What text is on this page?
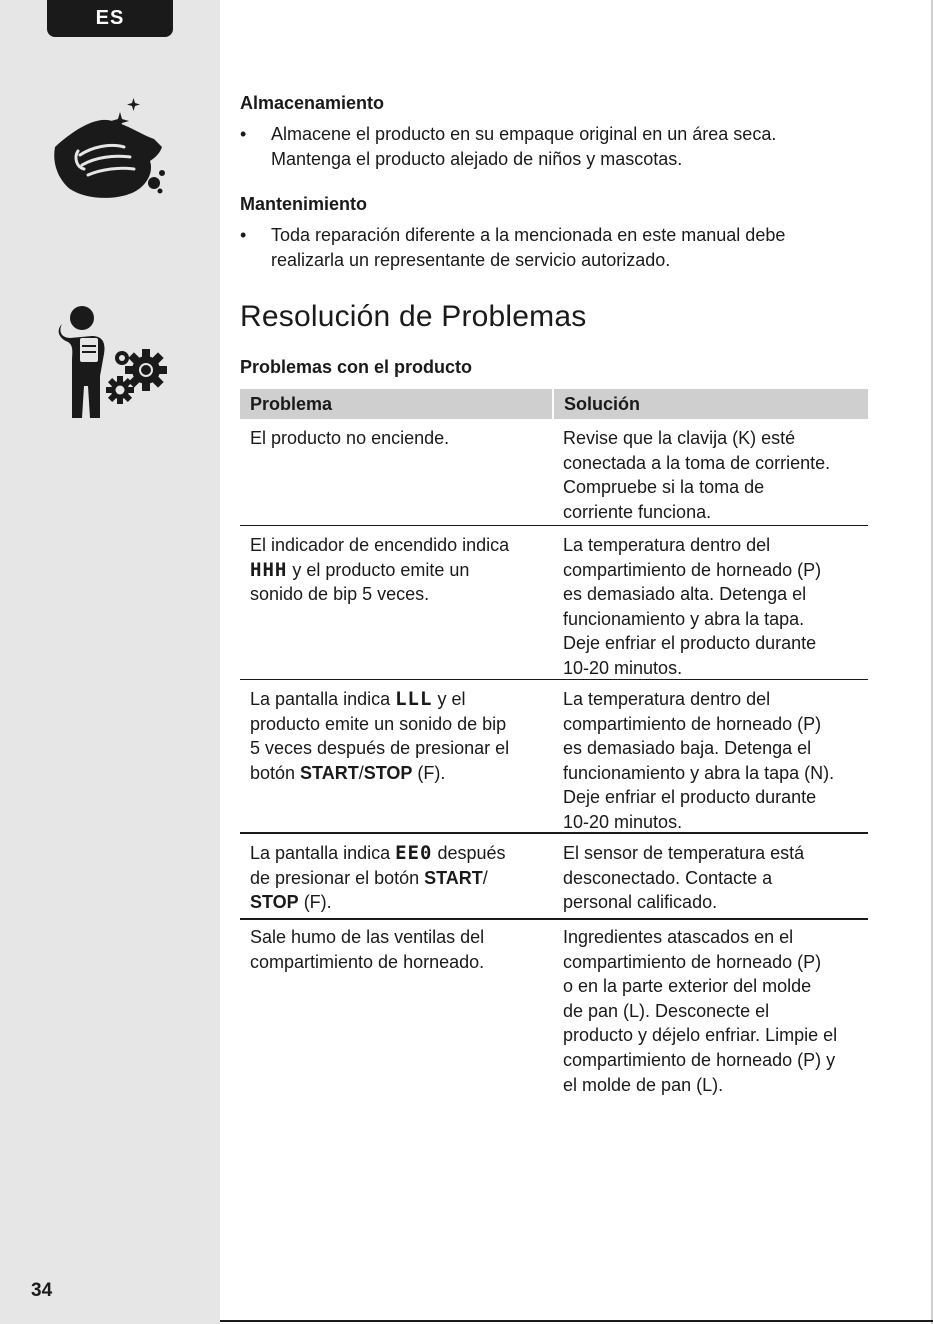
ES
34
Almacenamiento
• Almacene el producto en su empaque original en un área seca.
Mantenga el producto alejado de niños y mascotas.
Mantenimiento
• Toda reparación diferente a la mencionada en este manual debe
realizarla un representante de servicio autorizado.
Resolución de Problemas
Problemas con el producto
Problema	Solución
El producto no enciende.	Revise que la clavija (K) esté
conectada a la toma de corriente.
Compruebe si la toma de
corriente funciona.
El indicador de encendido indica
HHH y el producto emite un
sonido de bip 5 veces.
La temperatura dentro del
compartimiento de horneado (P)
es demasiado alta. Detenga el
funcionamiento y abra la tapa.
Deje enfriar el producto durante
10-20 minutos.
La pantalla indica LLL y el
producto emite un sonido de bip
5 veces después de presionar el
botón START/STOP (F).
La temperatura dentro del
compartimiento de horneado (P)
es demasiado baja. Detenga el
funcionamiento y abra la tapa (N).
Deje enfriar el producto durante
10-20 minutos.
La pantalla indica EE0 después
de presionar el botón START/
STOP (F).
El sensor de temperatura está
desconectado. Contacte a
personal calificado.
Sale humo de las ventilas del
compartimiento de horneado.
Ingredientes atascados en el
compartimiento de horneado (P)
o en la parte exterior del molde
de pan (L). Desconecte el
producto y déjelo enfriar. Limpie el
compartimiento de horneado (P) y
el molde de pan (L).
